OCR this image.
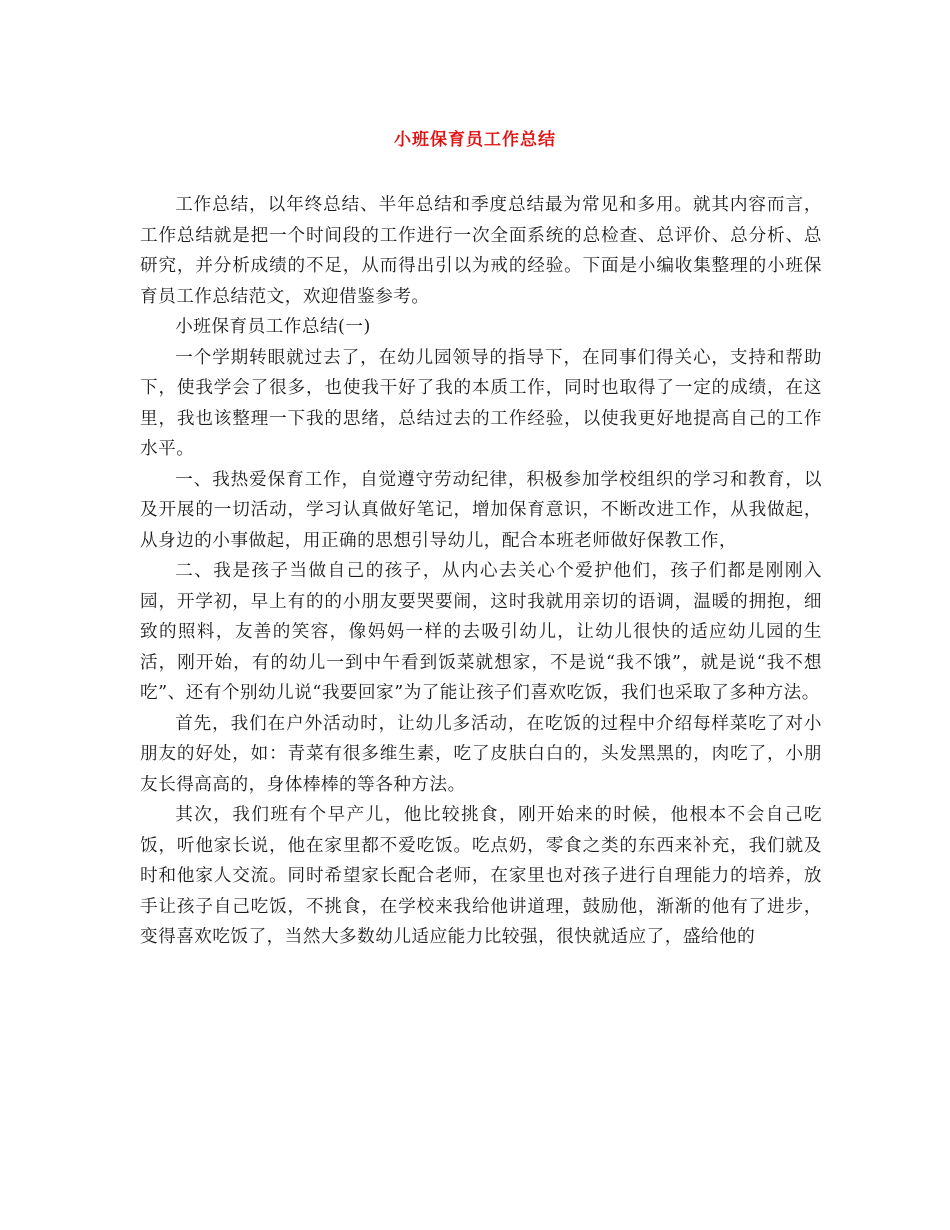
小班保育员工作总结

工作总结，以年终总结、半年总结和季度总结最为常见和多用。就其内容而言，工作总结就是把一个时间段的工作进行一次全面系统的总检查、总评价、总分析、总研究，并分析成绩的不足，从而得出引以为戒的经验。下面是小编收集整理的小班保育员工作总结范文，欢迎借鉴参考。

小班保育员工作总结(一)

一个学期转眼就过去了，在幼儿园领导的指导下，在同事们得关心，支持和帮助下，使我学会了很多，也使我干好了我的本质工作，同时也取得了一定的成绩，在这里，我也该整理一下我的思绪，总结过去的工作经验，以使我更好地提高自己的工作水平。

一、我热爱保育工作，自觉遵守劳动纪律，积极参加学校组织的学习和教育，以及开展的一切活动，学习认真做好笔记，增加保育意识，不断改进工作，从我做起，从身边的小事做起，用正确的思想引导幼儿，配合本班老师做好保教工作，

二、我是孩子当做自己的孩子，从内心去关心个爱护他们，孩子们都是刚刚入园，开学初，早上有的的小朋友要哭要闹，这时我就用亲切的语调，温暖的拥抱，细致的照料，友善的笑容，像妈妈一样的去吸引幼儿，让幼儿很快的适应幼儿园的生活，刚开始，有的幼儿一到中午看到饭菜就想家，不是说“我不饿”，就是说“我不想吃”、还有个别幼儿说“我要回家”为了能让孩子们喜欢吃饭，我们也采取了多种方法。

首先，我们在户外活动时，让幼儿多活动，在吃饭的过程中介绍每样菜吃了对小朋友的好处，如：青菜有很多维生素，吃了皮肤白白的，头发黑黑的，肉吃了，小朋友长得高高的，身体棒棒的等各种方法。

其次，我们班有个早产儿，他比较挑食，刚开始来的时候，他根本不会自己吃饭，听他家长说，他在家里都不爱吃饭。吃点奶，零食之类的东西来补充，我们就及时和他家人交流。同时希望家长配合老师，在家里也对孩子进行自理能力的培养，放手让孩子自己吃饭，不挑食，在学校来我给他讲道理，鼓励他，渐渐的他有了进步，变得喜欢吃饭了，当然大多数幼儿适应能力比较强，很快就适应了，盛给他的
